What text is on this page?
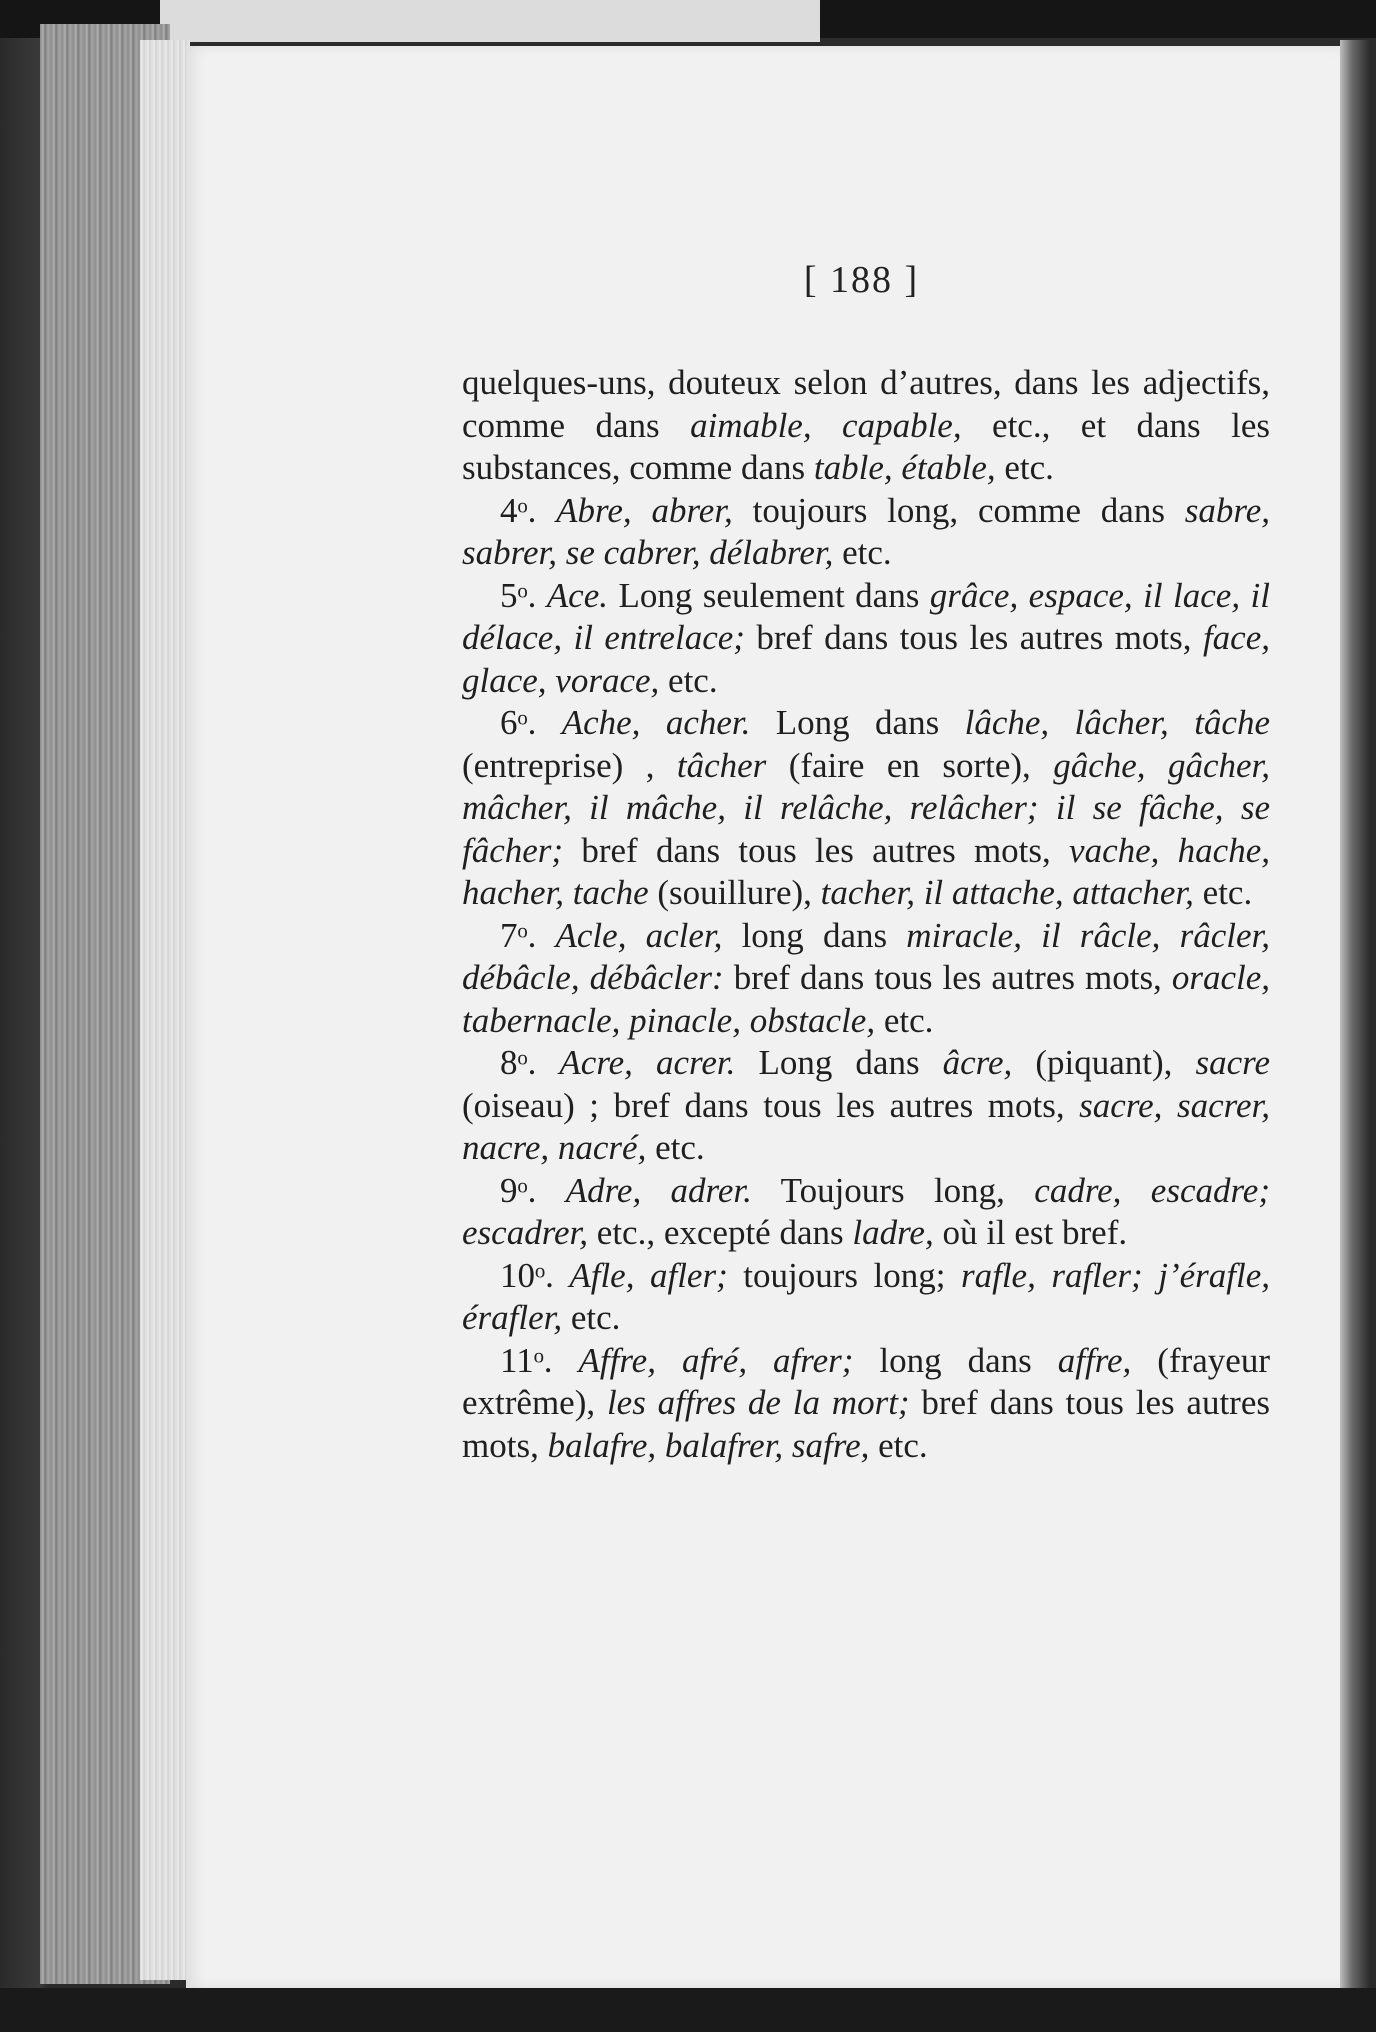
[ 188 ]

quelques-uns, douteux selon d’autres, dans les adjectifs, comme dans aimable, capable, etc., et dans les substances, comme dans table, étable, etc.

4ᵒ. Abre, abrer, toujours long, comme dans sabre, sabrer, se cabrer, délabrer, etc.

5ᵒ. Ace. Long seulement dans grâce, espace, il lace, il délace, il entrelace; bref dans tous les autres mots, face, glace, vorace, etc.

6ᵒ. Ache, acher. Long dans lâche, lâcher, tâche (entreprise) , tâcher (faire en sorte), gâche, gâcher, mâcher, il mâche, il relâche, relâcher; il se fâche, se fâcher; bref dans tous les autres mots, vache, hache, hacher, tache (souillure), tacher, il attache, attacher, etc.

7ᵒ. Acle, acler, long dans miracle, il râcle, râcler, débâcle, débâcler: bref dans tous les autres mots, oracle, tabernacle, pinacle, obstacle, etc.

8ᵒ. Acre, acrer. Long dans âcre, (piquant), sacre (oiseau) ; bref dans tous les autres mots, sacre, sacrer, nacre, nacré, etc.

9ᵒ. Adre, adrer. Toujours long, cadre, escadre; escadrer, etc., excepté dans ladre, où il est bref.

10ᵒ. Afle, afler; toujours long; rafle, rafler; j’érafle, érafler, etc.

11ᵒ. Affre, afré, afrer; long dans affre, (frayeur extrême), les affres de la mort; bref dans tous les autres mots, balafre, balafrer, safre, etc.
